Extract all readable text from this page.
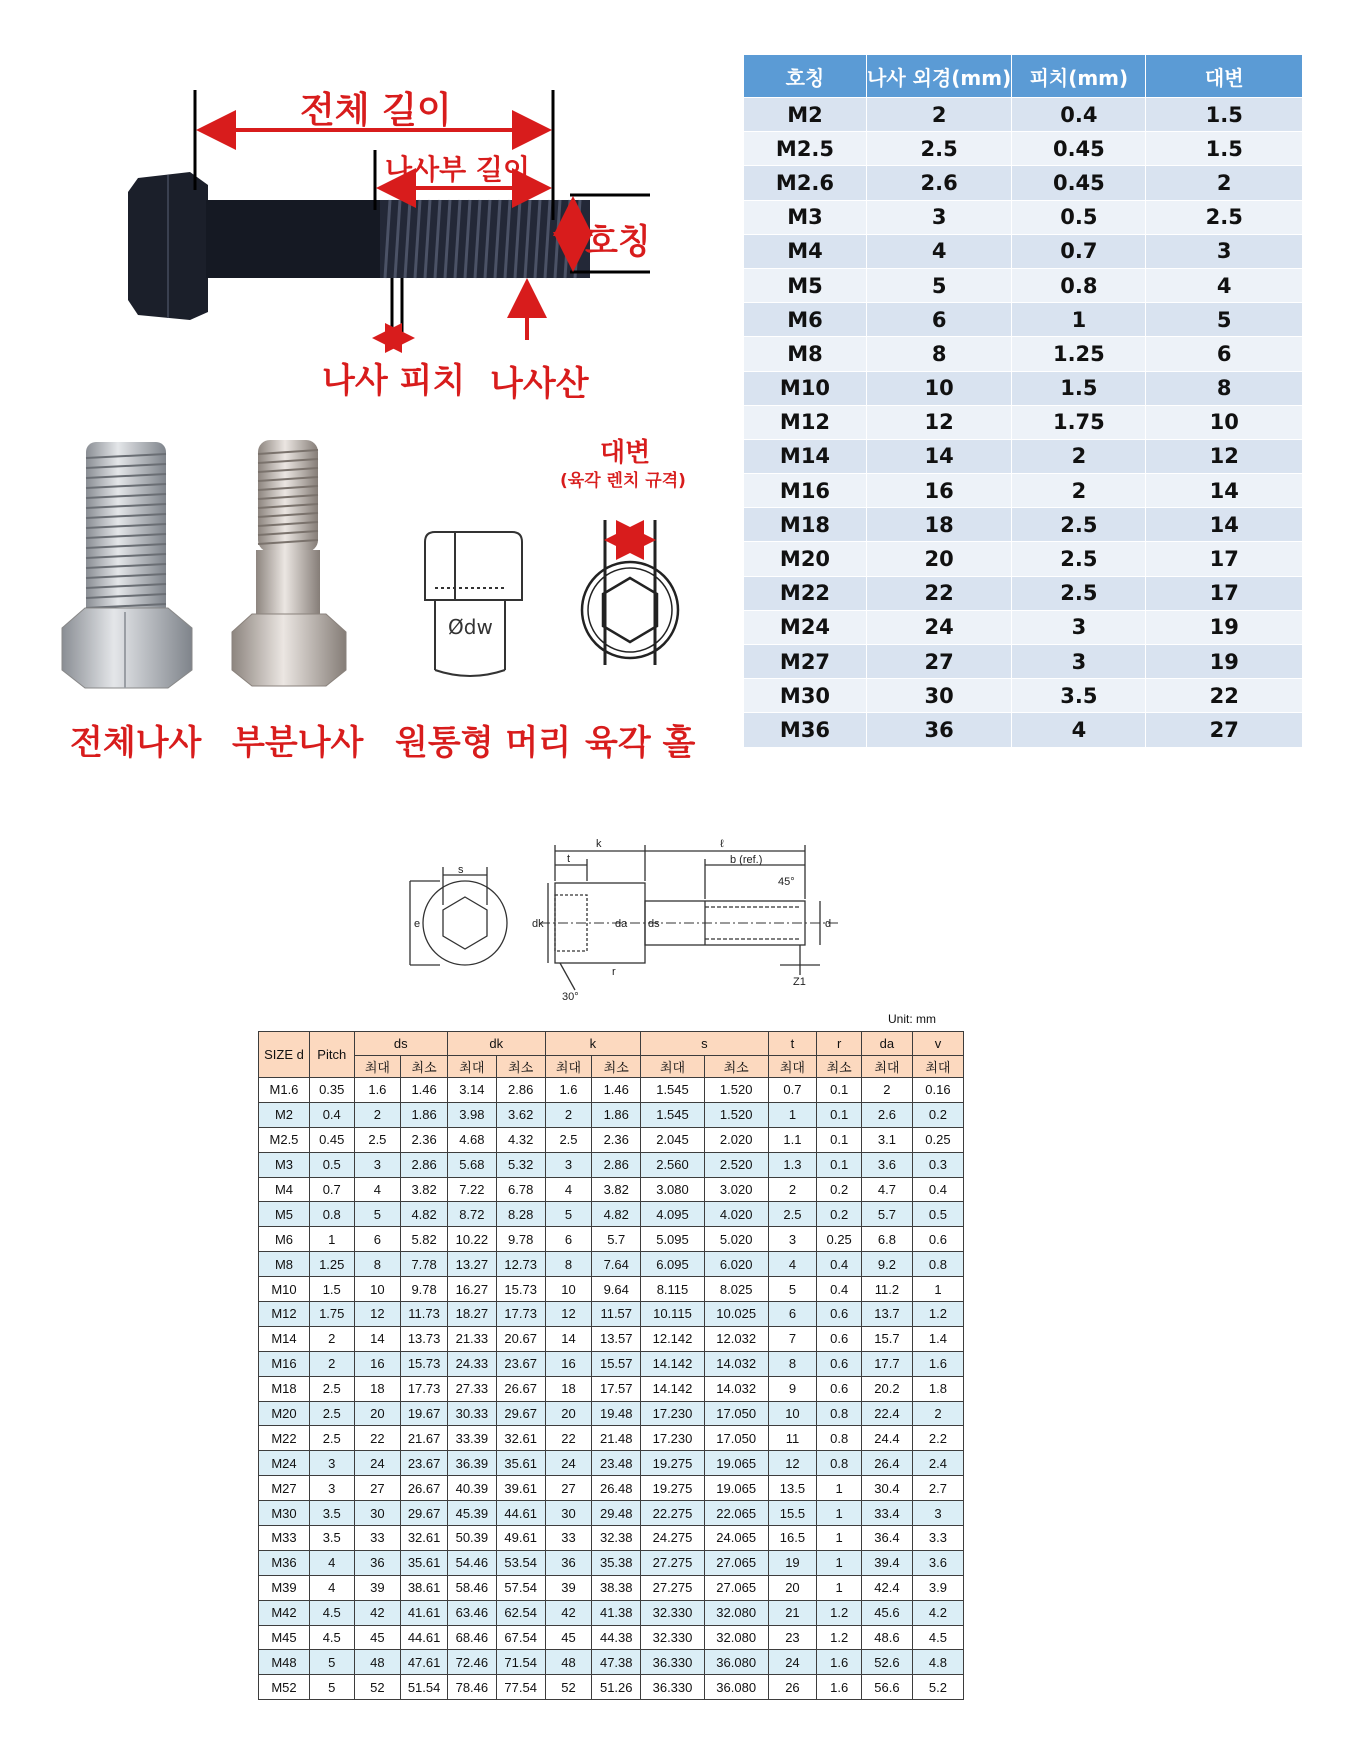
전체 길이
나사부 길이
호칭
나사 피치 나사산
Ødw
대변
(육각 렌치 규격)
전체나사 부분나사 원통형 머리 육각 홀
호칭	나사 외경(mm)	피치(mm)	대변
M2	2	0.4	1.5
M2.5	2.5	0.45	1.5
M2.6	2.6	0.45	2
M3	3	0.5	2.5
M4	4	0.7	3
M5	5	0.8	4
M6	6	1	5
M8	8	1.25	6
M10	10	1.5	8
M12	12	1.75	10
M14	14	2	12
M16	16	2	14
M18	18	2.5	14
M20	20	2.5	17
M22	22	2.5	17
M24	24	3	19
M27	27	3	19
M30	30	3.5	22
M36	36	4	27
s
e
k
t
ℓ
b (ref.)
45°
dk	da ds	d
r
30°
Z1
Unit: mm
SIZE d	Pitch	ds		dk		k		s		t	r	da	v
		최대	최소	최대	최소	최대	최소	최대	최소	최대	최소	최대	최대
M1.6	0.35	1.6	1.46	3.14	2.86	1.6	1.46	1.545	1.520	0.7	0.1	2	0.16
M2	0.4	2	1.86	3.98	3.62	2	1.86	1.545	1.520	1	0.1	2.6	0.2
M2.5	0.45	2.5	2.36	4.68	4.32	2.5	2.36	2.045	2.020	1.1	0.1	3.1	0.25
M3	0.5	3	2.86	5.68	5.32	3	2.86	2.560	2.520	1.3	0.1	3.6	0.3
M4	0.7	4	3.82	7.22	6.78	4	3.82	3.080	3.020	2	0.2	4.7	0.4
M5	0.8	5	4.82	8.72	8.28	5	4.82	4.095	4.020	2.5	0.2	5.7	0.5
M6	1	6	5.82	10.22	9.78	6	5.7	5.095	5.020	3	0.25	6.8	0.6
M8	1.25	8	7.78	13.27	12.73	8	7.64	6.095	6.020	4	0.4	9.2	0.8
M10	1.5	10	9.78	16.27	15.73	10	9.64	8.115	8.025	5	0.4	11.2	1
M12	1.75	12	11.73	18.27	17.73	12	11.57	10.115	10.025	6	0.6	13.7	1.2
M14	2	14	13.73	21.33	20.67	14	13.57	12.142	12.032	7	0.6	15.7	1.4
M16	2	16	15.73	24.33	23.67	16	15.57	14.142	14.032	8	0.6	17.7	1.6
M18	2.5	18	17.73	27.33	26.67	18	17.57	14.142	14.032	9	0.6	20.2	1.8
M20	2.5	20	19.67	30.33	29.67	20	19.48	17.230	17.050	10	0.8	22.4	2
M22	2.5	22	21.67	33.39	32.61	22	21.48	17.230	17.050	11	0.8	24.4	2.2
M24	3	24	23.67	36.39	35.61	24	23.48	19.275	19.065	12	0.8	26.4	2.4
M27	3	27	26.67	40.39	39.61	27	26.48	19.275	19.065	13.5	1	30.4	2.7
M30	3.5	30	29.67	45.39	44.61	30	29.48	22.275	22.065	15.5	1	33.4	3
M33	3.5	33	32.61	50.39	49.61	33	32.38	24.275	24.065	16.5	1	36.4	3.3
M36	4	36	35.61	54.46	53.54	36	35.38	27.275	27.065	19	1	39.4	3.6
M39	4	39	38.61	58.46	57.54	39	38.38	27.275	27.065	20	1	42.4	3.9
M42	4.5	42	41.61	63.46	62.54	42	41.38	32.330	32.080	21	1.2	45.6	4.2
M45	4.5	45	44.61	68.46	67.54	45	44.38	32.330	32.080	23	1.2	48.6	4.5
M48	5	48	47.61	72.46	71.54	48	47.38	36.330	36.080	24	1.6	52.6	4.8
M52	5	52	51.54	78.46	77.54	52	51.26	36.330	36.080	26	1.6	56.6	5.2
